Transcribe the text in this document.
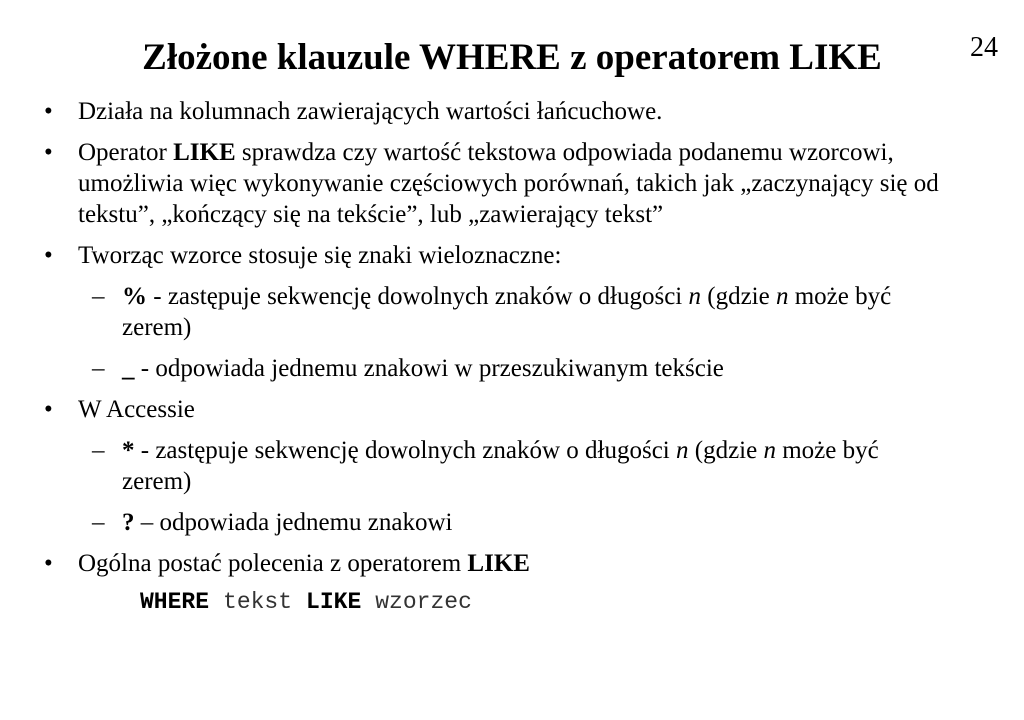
24
Złożone klauzule WHERE z operatorem LIKE
• Działa na kolumnach zawierających wartości łańcuchowe.
• Operator LIKE sprawdza czy wartość tekstowa odpowiada podanemu wzorcowi, umożliwia więc wykonywanie częściowych porównań, takich jak „zaczynający się od tekstu”, „kończący się na tekście”, lub „zawierający tekst”
• Tworząc wzorce stosuje się znaki wieloznaczne:
– % - zastępuje sekwencję dowolnych znaków o długości n (gdzie n może być zerem)
– _ - odpowiada jednemu znakowi w przeszukiwanym tekście
• W Accessie
– * - zastępuje sekwencję dowolnych znaków o długości n (gdzie n może być zerem)
– ? – odpowiada jednemu znakowi
• Ogólna postać polecenia z operatorem LIKE
WHERE tekst LIKE wzorzec
